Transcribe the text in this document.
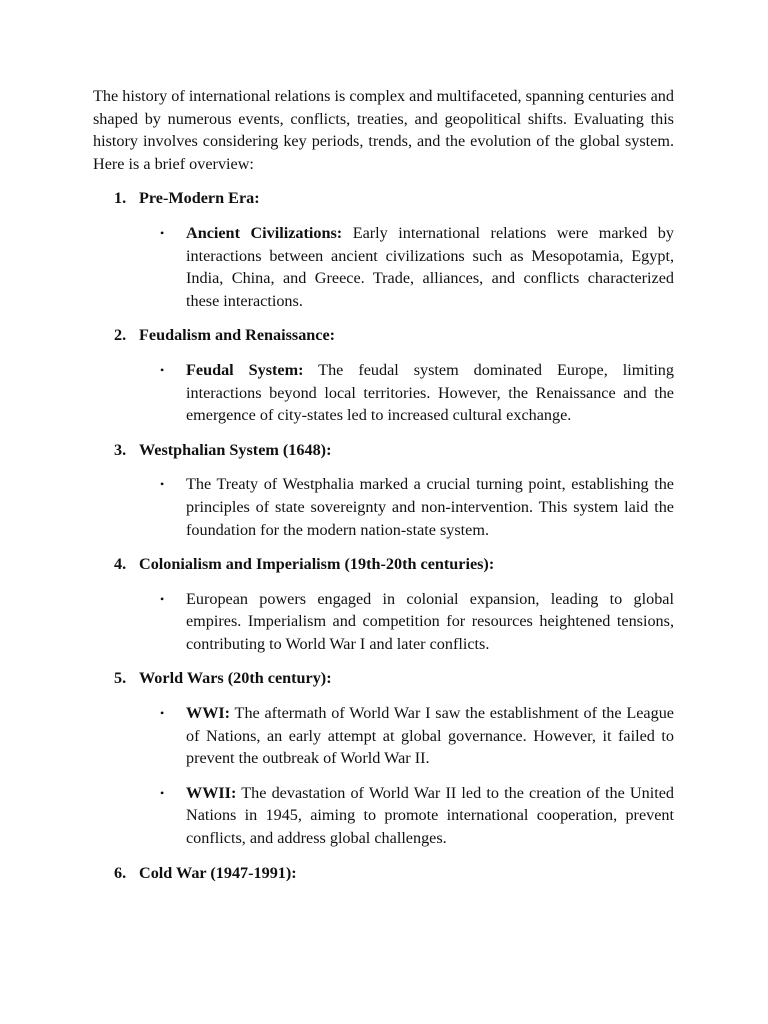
The history of international relations is complex and multifaceted, spanning centuries and shaped by numerous events, conflicts, treaties, and geopolitical shifts. Evaluating this history involves considering key periods, trends, and the evolution of the global system. Here is a brief overview:

1. Pre-Modern Era:
• Ancient Civilizations: Early international relations were marked by interactions between ancient civilizations such as Mesopotamia, Egypt, India, China, and Greece. Trade, alliances, and conflicts characterized these interactions.
2. Feudalism and Renaissance:
• Feudal System: The feudal system dominated Europe, limiting interactions beyond local territories. However, the Renaissance and the emergence of city-states led to increased cultural exchange.
3. Westphalian System (1648):
• The Treaty of Westphalia marked a crucial turning point, establishing the principles of state sovereignty and non-intervention. This system laid the foundation for the modern nation-state system.
4. Colonialism and Imperialism (19th-20th centuries):
• European powers engaged in colonial expansion, leading to global empires. Imperialism and competition for resources heightened tensions, contributing to World War I and later conflicts.
5. World Wars (20th century):
• WWI: The aftermath of World War I saw the establishment of the League of Nations, an early attempt at global governance. However, it failed to prevent the outbreak of World War II.
• WWII: The devastation of World War II led to the creation of the United Nations in 1945, aiming to promote international cooperation, prevent conflicts, and address global challenges.
6. Cold War (1947-1991):
